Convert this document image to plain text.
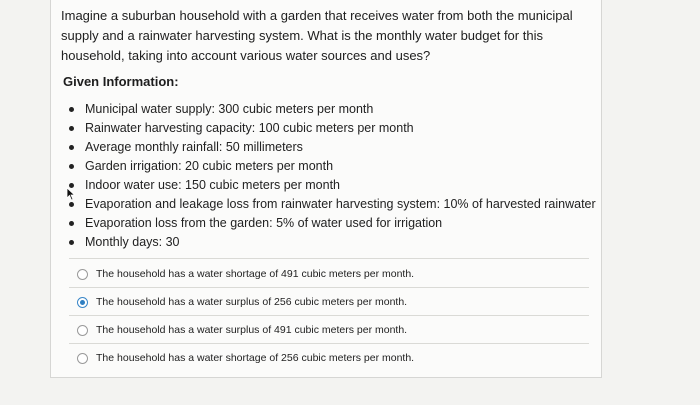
Imagine a suburban household with a garden that receives water from both the municipal supply and a rainwater harvesting system. What is the monthly water budget for this household, taking into account various water sources and uses?
Given Information:
Municipal water supply: 300 cubic meters per month
Rainwater harvesting capacity: 100 cubic meters per month
Average monthly rainfall: 50 millimeters
Garden irrigation: 20 cubic meters per month
Indoor water use: 150 cubic meters per month
Evaporation and leakage loss from rainwater harvesting system: 10% of harvested rainwater
Evaporation loss from the garden: 5% of water used for irrigation
Monthly days: 30
The household has a water shortage of 491 cubic meters per month.
The household has a water surplus of 256 cubic meters per month.
The household has a water surplus of 491 cubic meters per month.
The household has a water shortage of 256 cubic meters per month.
